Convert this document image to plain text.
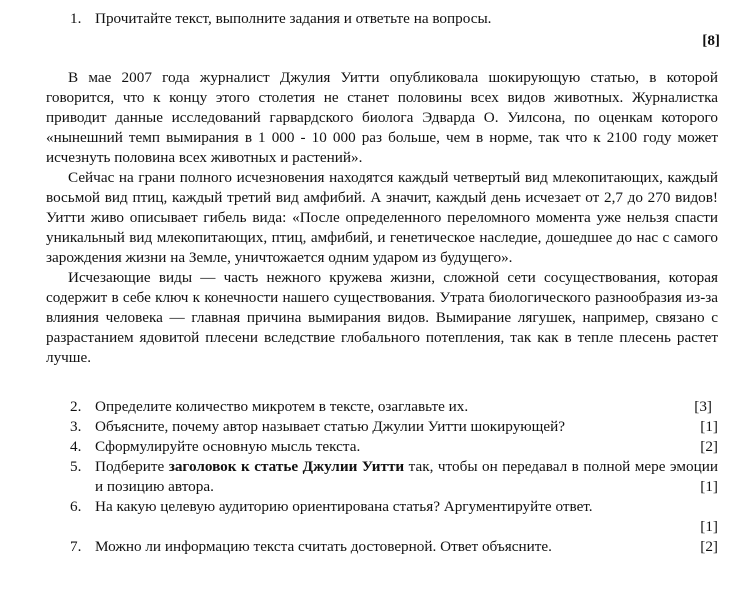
1. Прочитайте текст, выполните задания и ответьте на вопросы.
[8]

В мае 2007 года журналист Джулия Уитти опубликовала шокирующую статью, в которой говорится, что к концу этого столетия не станет половины всех видов животных. Журналистка приводит данные исследований гарвардского биолога Эдварда О. Уилсона, по оценкам которого «нынешний темп вымирания в 1 000 - 10 000 раз больше, чем в норме, так что к 2100 году может исчезнуть половина всех животных и растений».

Сейчас на грани полного исчезновения находятся каждый четвертый вид млекопитающих, каждый восьмой вид птиц, каждый третий вид амфибий. А значит, каждый день исчезает от 2,7 до 270 видов! Уитти живо описывает гибель вида: «После определенного переломного момента уже нельзя спасти уникальный вид млекопитающих, птиц, амфибий, и генетическое наследие, дошедшее до нас с самого зарождения жизни на Земле, уничтожается одним ударом из будущего».

Исчезающие виды — часть нежного кружева жизни, сложной сети сосуществования, которая содержит в себе ключ к конечности нашего существования. Утрата биологического разнообразия из-за влияния человека — главная причина вымирания видов. Вымирание лягушек, например, связано с разрастанием ядовитой плесени вследствие глобального потепления, так как в тепле плесень растет лучше.

2. Определите количество микротем в тексте, озаглавьте их.	[3]
3. Объясните, почему автор называет статью Джулии Уитти шокирующей?	[1]
4. Сформулируйте основную мысль текста.	[2]
5. Подберите заголовок к статье Джулии Уитти так, чтобы он передавал в полной мере эмоции и позицию автора.	[1]
6. На какую целевую аудиторию ориентирована статья? Аргументируйте ответ.

[1]
7. Можно ли информацию текста считать достоверной. Ответ объясните.	[2]
